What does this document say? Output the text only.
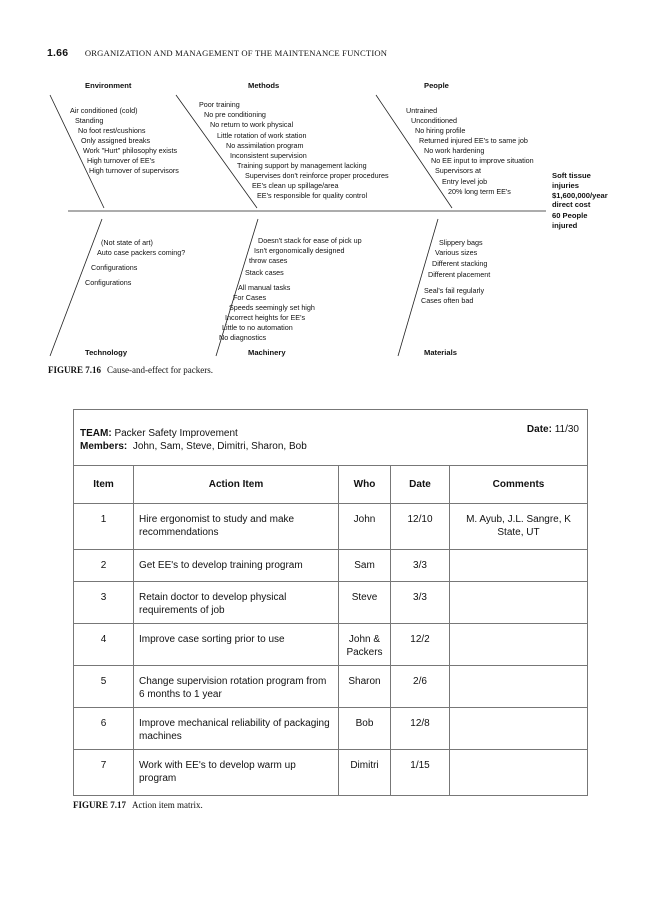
1.66 ORGANIZATION AND MANAGEMENT OF THE MAINTENANCE FUNCTION
Environment	Methods	People
Technology	Machinery	Materials
Air conditioned (cold)
Standing
No foot rest/cushions
Only assigned breaks
Work "Hurt" philosophy exists
High turnover of EE's
High turnover of supervisors
Poor training
No pre conditioning
No return to work physical
Little rotation of work station
No assimilation program
Inconsistent supervision
Training support by management lacking
Supervises don't reinforce proper procedures
EE's clean up spillage/area
EE's responsible for quality control
Untrained
Unconditioned
No hiring profile
Returned injured EE's to same job
No work hardening
No EE input to improve situation
Supervisors at
Entry level job
20% long term EE's
Soft tissue
injuries
$1,600,000/year
direct cost
60 People
injured
(Not state of art)
Auto case packers coming?
Configurations
Configurations
Doesn't stack for ease of pick up
Isn't ergonomically designed
throw cases
Stack cases
All manual tasks
For Cases
Speeds seemingly set high
Incorrect heights for EE's
Little to no automation
No diagnostics
Slippery bags
Various sizes
Different stacking
Different placement
Seal's fail regularly
Cases often bad
FIGURE 7.16 Cause-and-effect for packers.
TEAM: Packer Safety Improvement
Members: John, Sam, Steve, Dimitri, Sharon, Bob
Date: 11/30
Item	Action Item	Who	Date	Comments
1	Hire ergonomist to study and make recommendations	John	12/10	M. Ayub, J.L. Sangre, K State, UT
2	Get EE's to develop training program	Sam	3/3	
3	Retain doctor to develop physical requirements of job	Steve	3/3	
4	Improve case sorting prior to use	John & Packers	12/2	
5	Change supervision rotation program from 6 months to 1 year	Sharon	2/6	
6	Improve mechanical reliability of packaging machines	Bob	12/8	
7	Work with EE's to develop warm up program	Dimitri	1/15	
FIGURE 7.17 Action item matrix.
